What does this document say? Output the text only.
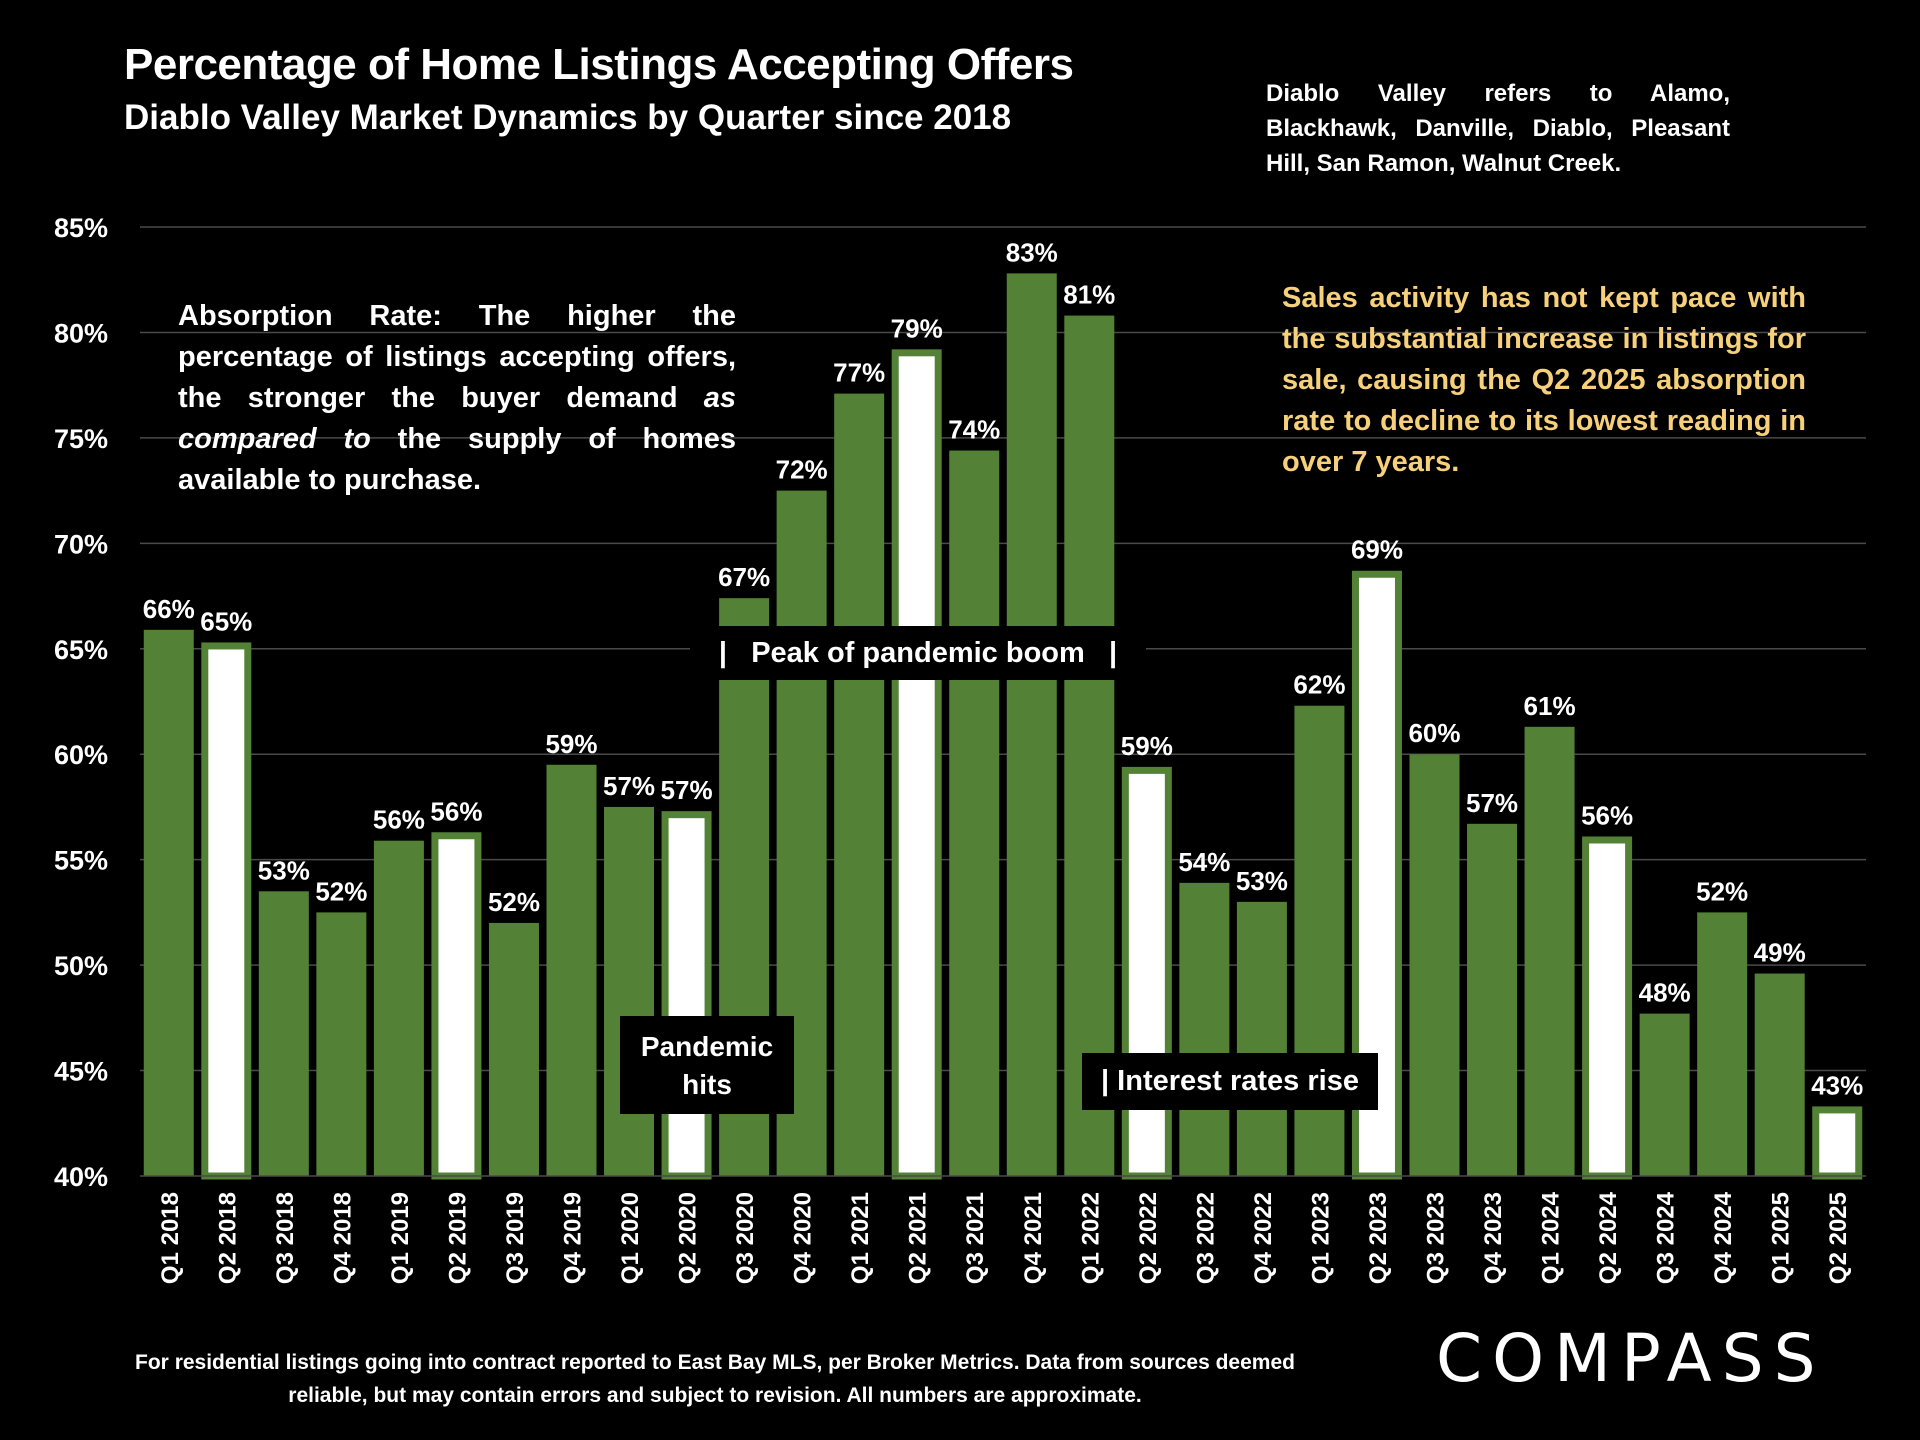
40%
45%
50%
55%
60%
65%
70%
75%
80%
85%
66%
Q1 2018
65%
Q2 2018
53%
Q3 2018
52%
Q4 2018
56%
Q1 2019
56%
Q2 2019
52%
Q3 2019
59%
Q4 2019
57%
Q1 2020
57%
Q2 2020
67%
Q3 2020
72%
Q4 2020
77%
Q1 2021
79%
Q2 2021
74%
Q3 2021
83%
Q4 2021
81%
Q1 2022
59%
Q2 2022
54%
Q3 2022
53%
Q4 2022
62%
Q1 2023
69%
Q2 2023
60%
Q3 2023
57%
Q4 2023
61%
Q1 2024
56%
Q2 2024
48%
Q3 2024
52%
Q4 2024
49%
Q1 2025
43%
Q2 2025
Percentage of Home Listings Accepting Offers
Diablo Valley Market Dynamics by Quarter since 2018
Diablo Valley refers to Alamo, Blackhawk, Danville, Diablo, Pleasant Hill, San Ramon, Walnut Creek.
Absorption Rate: The higher the percentage of listings accepting offers, the stronger the buyer demand as compared to the supply of homes available to purchase.
Sales activity has not kept pace with the substantial increase in listings for sale, causing the Q2 2025 absorption rate to decline to its lowest reading in over 7 years.
|   Peak of pandemic boom   |
Pandemic hits	| Interest rates rise
For residential listings going into contract reported to East Bay MLS, per Broker Metrics. Data from sources deemed reliable, but may contain errors and subject to revision. All numbers are approximate.	COMPASS
